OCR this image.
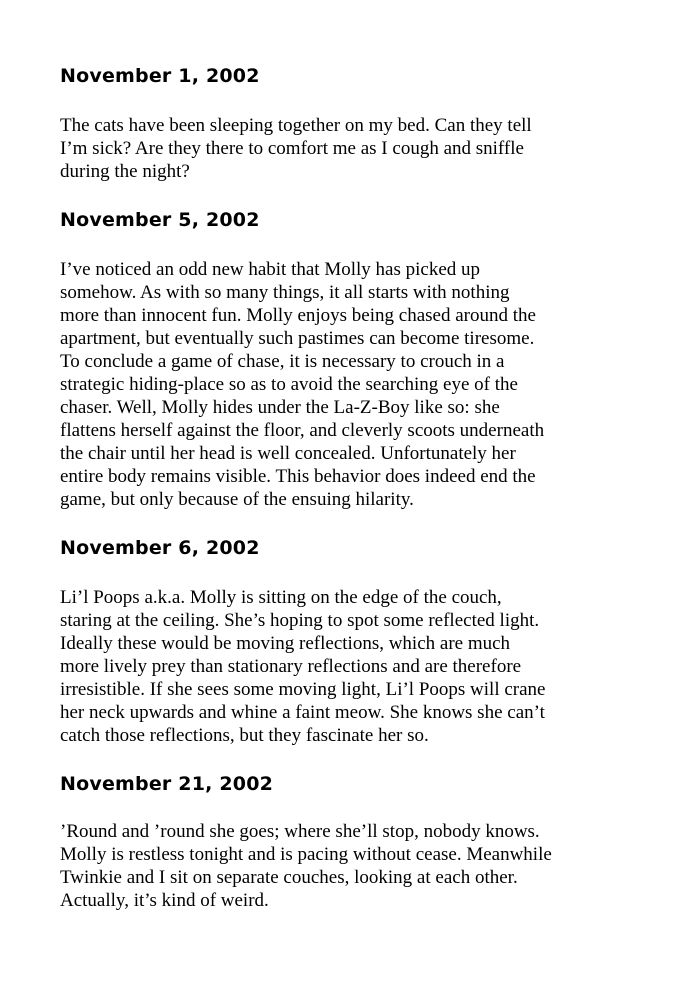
November 1, 2002

The cats have been sleeping together on my bed. Can they tell
I’m sick? Are they there to comfort me as I cough and sniffle
during the night?

November 5, 2002

I’ve noticed an odd new habit that Molly has picked up
somehow. As with so many things, it all starts with nothing
more than innocent fun. Molly enjoys being chased around the
apartment, but eventually such pastimes can become tiresome.
To conclude a game of chase, it is necessary to crouch in a
strategic hiding-place so as to avoid the searching eye of the
chaser. Well, Molly hides under the La-Z-Boy like so: she
flattens herself against the floor, and cleverly scoots underneath
the chair until her head is well concealed. Unfortunately her
entire body remains visible. This behavior does indeed end the
game, but only because of the ensuing hilarity.

November 6, 2002

Li’l Poops a.k.a. Molly is sitting on the edge of the couch,
staring at the ceiling. She’s hoping to spot some reflected light.
Ideally these would be moving reflections, which are much
more lively prey than stationary reflections and are therefore
irresistible. If she sees some moving light, Li’l Poops will crane
her neck upwards and whine a faint meow. She knows she can’t
catch those reflections, but they fascinate her so.

November 21, 2002

’Round and ’round she goes; where she’ll stop, nobody knows.
Molly is restless tonight and is pacing without cease. Meanwhile
Twinkie and I sit on separate couches, looking at each other.
Actually, it’s kind of weird.
